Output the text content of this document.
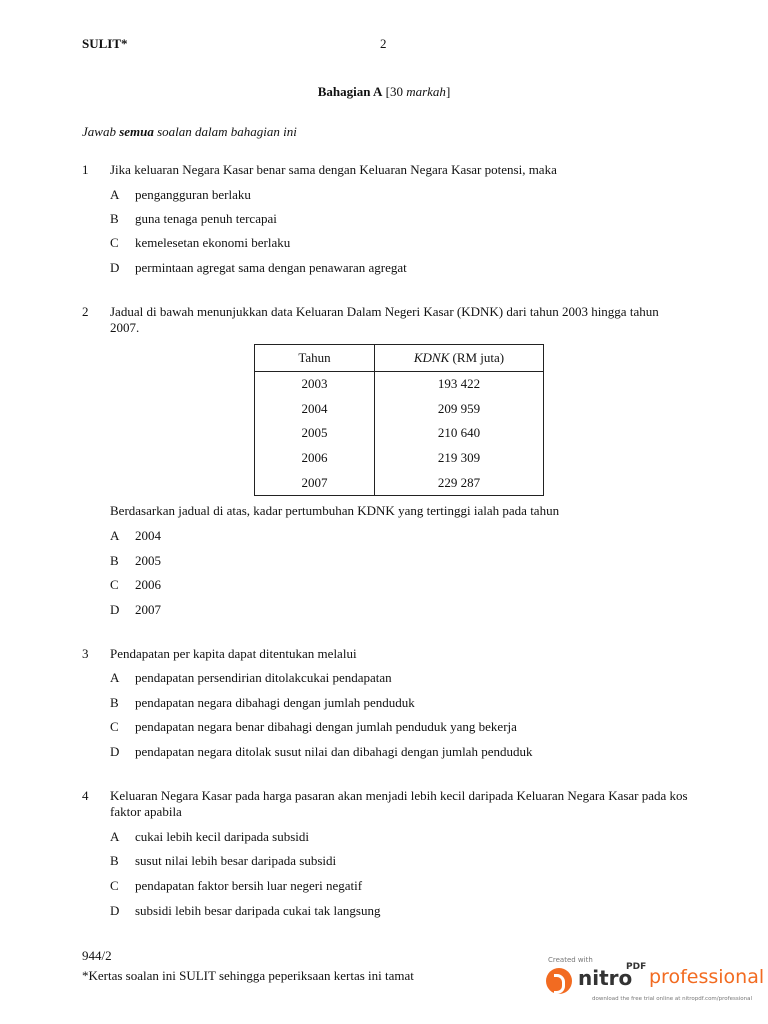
SULIT*	2
Bahagian A [30 markah]
Jawab semua soalan dalam bahagian ini
1 Jika keluaran Negara Kasar benar sama dengan Keluaran Negara Kasar potensi, maka
A pengangguran berlaku
B guna tenaga penuh tercapai
C kemelesetan ekonomi berlaku
D permintaan agregat sama dengan penawaran agregat
2 Jadual di bawah menunjukkan data Keluaran Dalam Negeri Kasar (KDNK) dari tahun 2003 hingga tahun 2007.
Tahun	KDNK (RM juta)
2003	193 422
2004	209 959
2005	210 640
2006	219 309
2007	229 287
Berdasarkan jadual di atas, kadar pertumbuhan KDNK yang tertinggi ialah pada tahun
A 2004
B 2005
C 2006
D 2007
3 Pendapatan per kapita dapat ditentukan melalui
A pendapatan persendirian ditolakcukai pendapatan
B pendapatan negara dibahagi dengan jumlah penduduk
C pendapatan negara benar dibahagi dengan jumlah penduduk yang bekerja
D pendapatan negara ditolak susut nilai dan dibahagi dengan jumlah penduduk
4 Keluaran Negara Kasar pada harga pasaran akan menjadi lebih kecil daripada Keluaran Negara Kasar pada kos faktor apabila
A cukai lebih kecil daripada subsidi
B susut nilai lebih besar daripada subsidi
C pendapatan faktor bersih luar negeri negatif
D subsidi lebih besar daripada cukai tak langsung
944/2
*Kertas soalan ini SULIT sehingga peperiksaan kertas ini tamat
Created with
nitro
PDF professional
download the free trial online at nitropdf.com/professional
